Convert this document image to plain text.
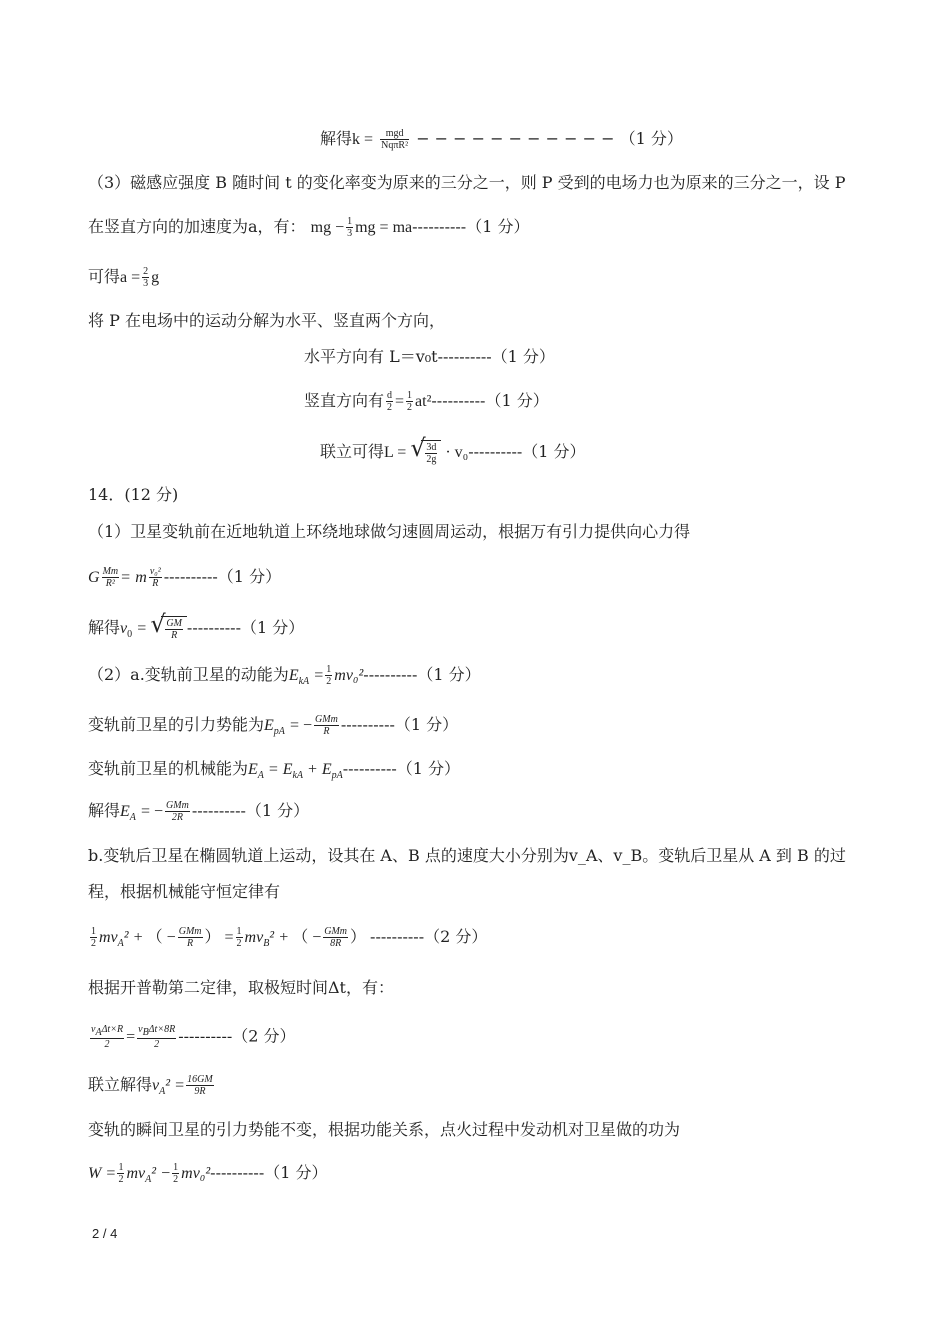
解得$k = \frac{\text{mgd}}{\text{NqπR²}}$ − − − − − − − − − − − （1 分）
（3）磁感应强度 B 随时间 t 的变化率变为原来的三分之一，则 P 受到的电场力也为原来的三分之一，设 P
在竖直方向的加速度为a，有： mg − $\frac{1}{3}$ mg = ma----------（1 分）
可得$a = \frac{2}{3}$ g
将 P 在电场中的运动分解为水平、竖直两个方向，
水平方向有 L＝v₀t----------（1 分）
竖直方向有 $\frac{d}{2} = \frac{1}{2} at^2----------(1$ 分）
联立可得L = √ $\frac{3d}{2g} \cdot v_0----------(1$ 分）
14．(12 分)
（1）卫星变轨前在近地轨道上环绕地球做匀速圆周运动，根据万有引力提供向心力得
G $\frac{Mm}{\text{R²}} = m \frac{\text{v₀²}}{R} ----------(1$ 分）
解得$v_0$ = √ $\frac{GM}{R} ----------(1$ 分）
（2）a.变轨前卫星的动能为$E_{kA} = \frac{1}{2} mv_0^2----------(1$ 分）
变轨前卫星的引力势能为$E_{pA}$ = − $\frac{\text{GMm}}{R} ----------(1$ 分）
变轨前卫星的机械能为$E_A = E_{kA} + E_{pA}----------(1$ 分）
解得$E_A$ = − $\frac{\text{GMm}}{2R} ----------(1$ 分）
b.变轨后卫星在椭圆轨道上运动，设其在 A、B 点的速度大小分别为v_A、v_B。变轨后卫星从 A 到 B 的过
程，根据机械能守恒定律有
$\frac{1}{2} mv_A^2$ + （ − $\frac{\text{GMm}}{R}$ ） = $\frac{1}{2} mv_B^2$ + （ − $\frac{\text{GMm}}{8R}$ ） ----------（2 分）
根据开普勒第二定律，取极短时间Δt，有：
$\frac{v_A\Delta t\times R}{2} = \frac{v_B\Delta t\times 8R}{2} ----------(2$ 分）
联立解得$v_A^2 = \frac{16GM}{9R}$
变轨的瞬间卫星的引力势能不变，根据功能关系，点火过程中发动机对卫星做的功为
$W = \frac{1}{2} mv_A^2 - \frac{1}{2} mv_0^2----------(1$ 分）
2 / 4
